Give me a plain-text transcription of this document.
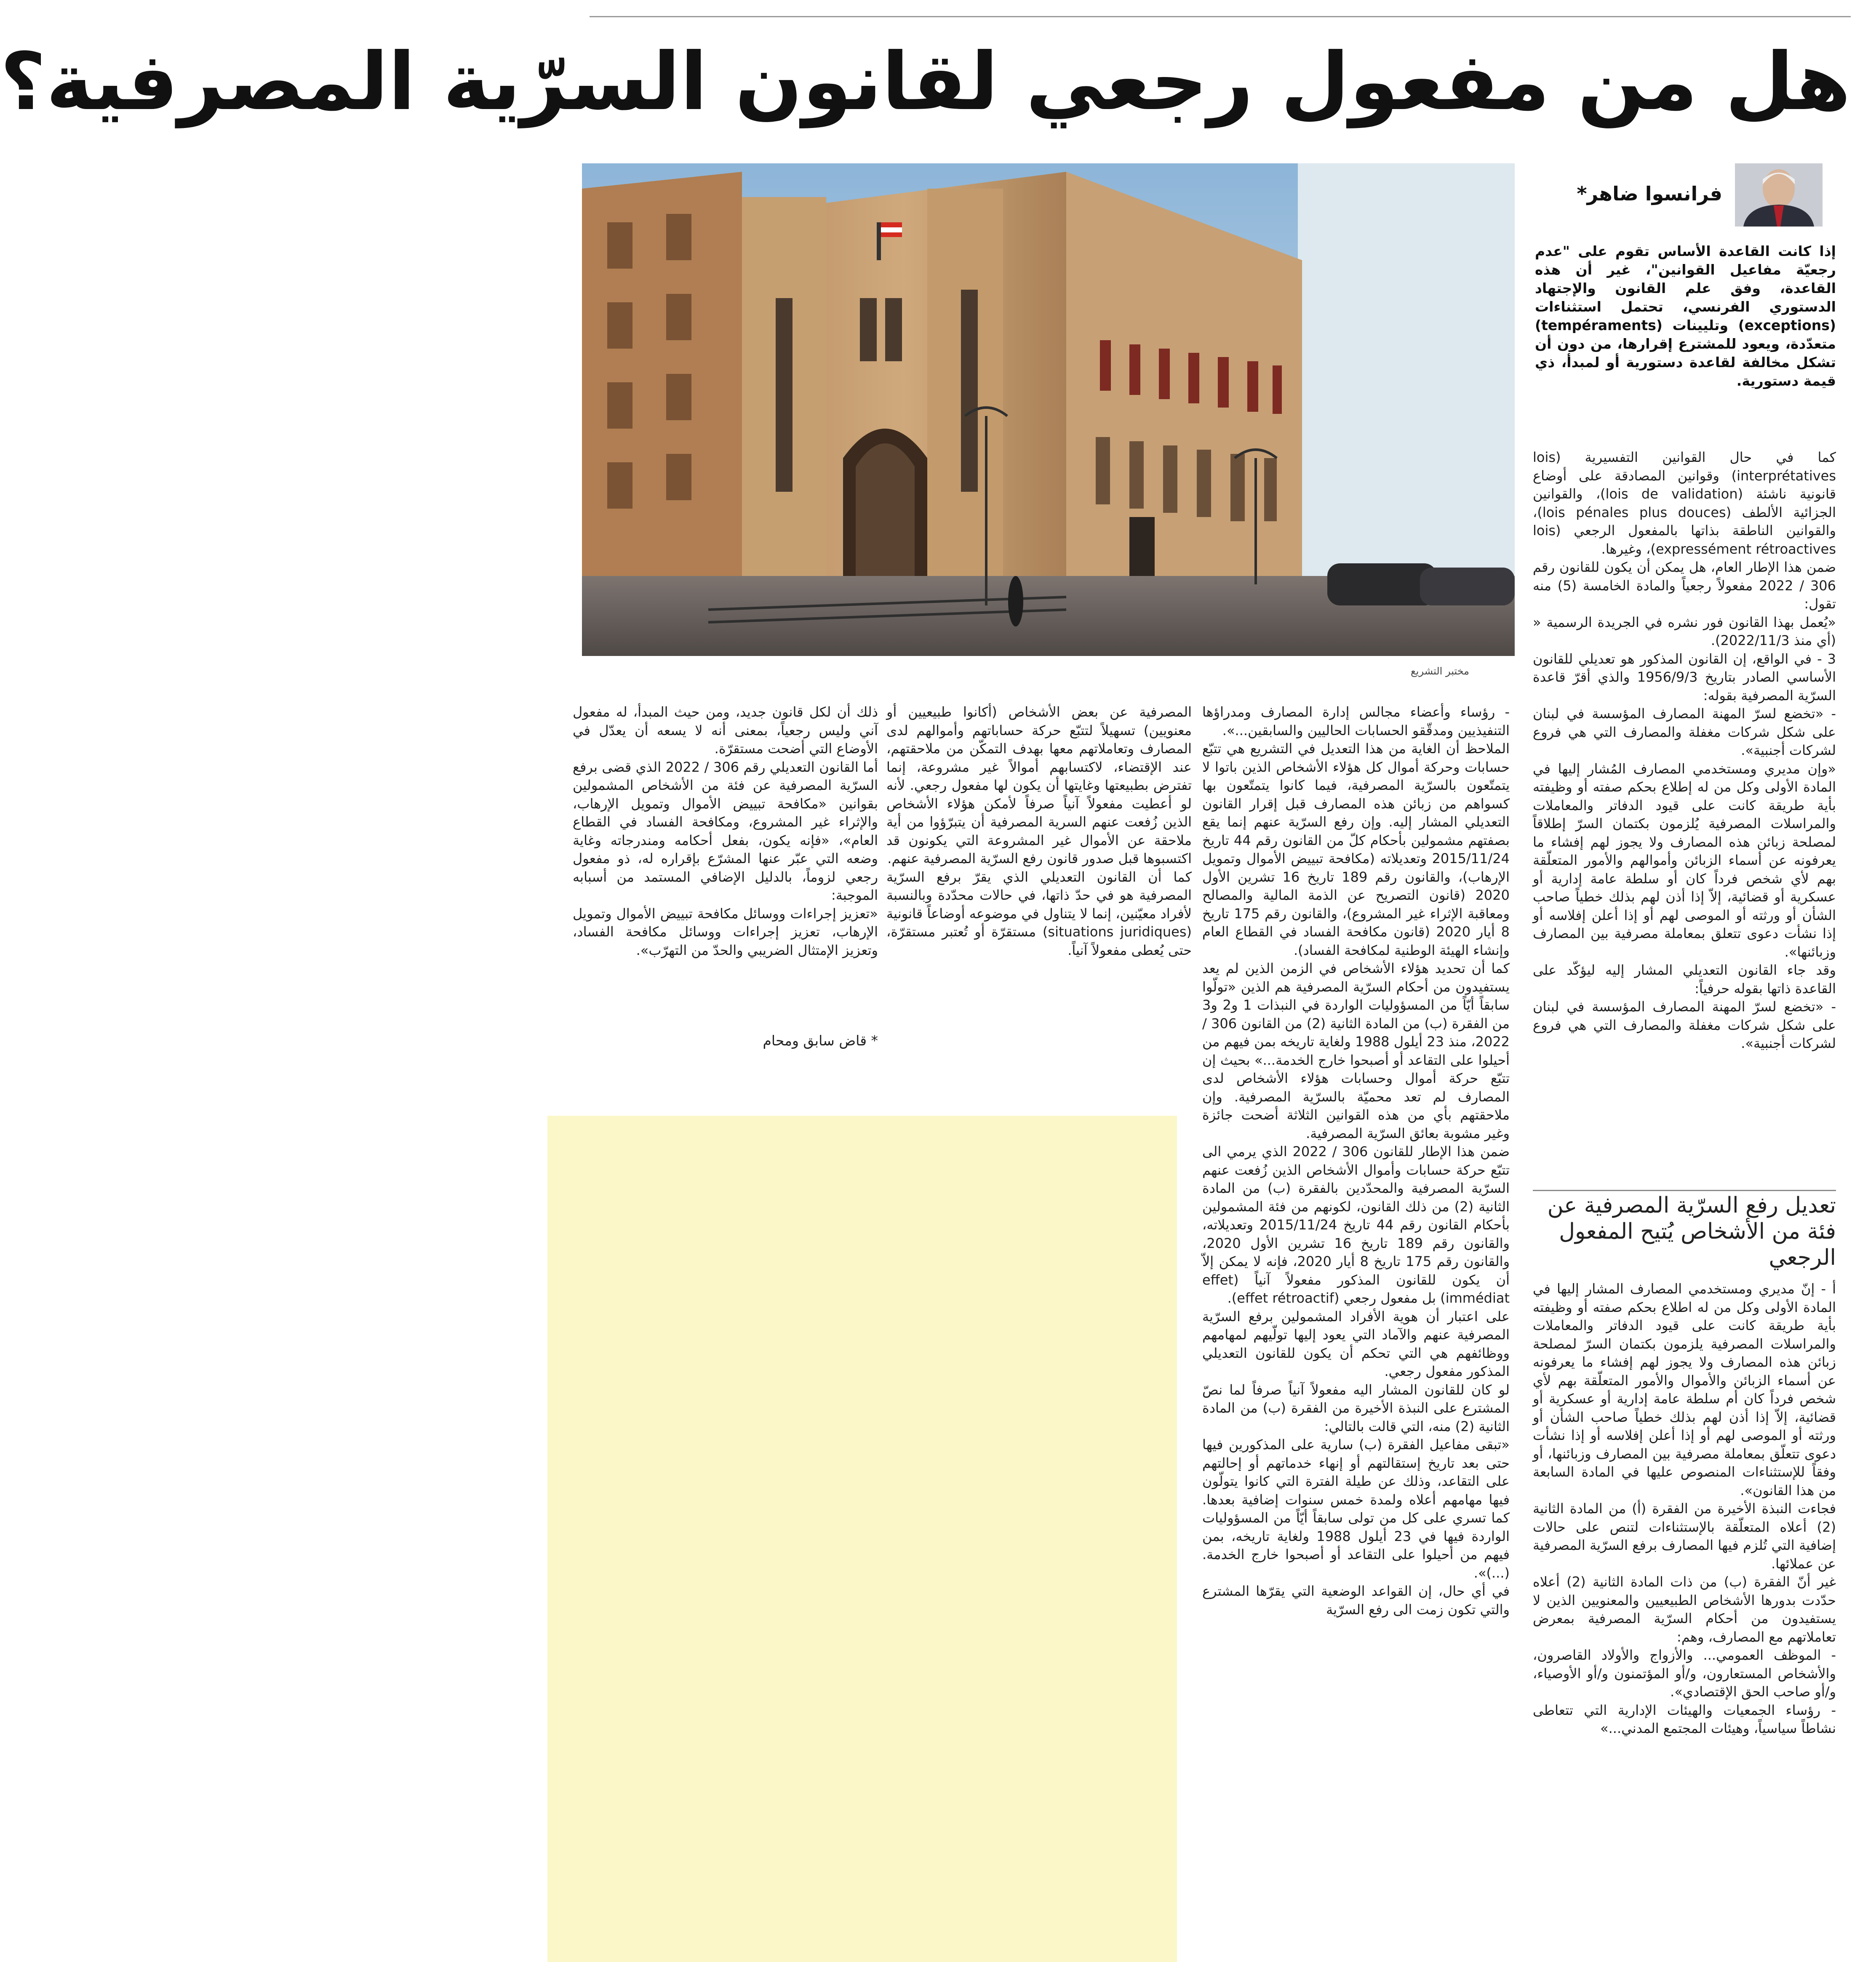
هل من مفعول رجعي لقانون السرّية المصرفية؟
مختبر التشريع
فرانسوا ضاهر*
إذا كانت القاعدة الأساس تقوم على "عدم رجعيّة مفاعيل القوانين"، غير أن هذه القاعدة، وفق علم القانون والإجتهاد الدستوري الفرنسي، تحتمل استثناءات (exceptions) وتليينات (tempéraments) متعدّدة، ويعود للمشترع إقرارها، من دون أن تشكل مخالفة لقاعدة دستورية أو لمبدأ، ذي قيمة دستورية.

كما في حال القوانين التفسيرية (lois interprétatives) وقوانين المصادقة على أوضاع قانونية ناشئة (lois de validation)، والقوانين الجزائية الألطف (lois pénales plus douces)، والقوانين الناطقة بذاتها بالمفعول الرجعي (lois expressément rétroactives)، وغيرها.

ضمن هذا الإطار العام، هل يمكن أن يكون للقانون رقم 306 / 2022 مفعولاً رجعياً والمادة الخامسة (5) منه تقول:

«يُعمل بهذا القانون فور نشره في الجريدة الرسمية « (أي منذ 2022/11/3).

3 - في الواقع، إن القانون المذكور هو تعديلي للقانون الأساسي الصادر بتاريخ 1956/9/3 والذي أقرّ قاعدة السرّية المصرفية بقوله:

- «تخضع لسرّ المهنة المصارف المؤسسة في لبنان على شكل شركات مغفلة والمصارف التي هي فروع لشركات أجنبية».

«وإن مديري ومستخدمي المصارف المُشار إليها في المادة الأولى وكل من له إطلاع بحكم صفته أو وظيفته بأية طريقة كانت على قيود الدفاتر والمعاملات والمراسلات المصرفية يُلزمون بكتمان السرّ إطلاقاً لمصلحة زبائن هذه المصارف ولا يجوز لهم إفشاء ما يعرفونه عن أسماء الزبائن وأموالهم والأمور المتعلّقة بهم لأي شخص فرداً كان أو سلطة عامة إدارية أو عسكرية أو قضائية، إلاّ إذا أذن لهم بذلك خطياً صاحب الشأن أو ورثته أو الموصى لهم أو إذا أعلن إفلاسه أو إذا نشأت دعوى تتعلق بمعاملة مصرفية بين المصارف وزبائنها».

وقد جاء القانون التعديلي المشار إليه ليؤكّد على القاعدة ذاتها بقوله حرفياً:

- «تخضع لسرّ المهنة المصارف المؤسسة في لبنان على شكل شركات مغفلة والمصارف التي هي فروع لشركات أجنبية».

تعديل رفع السرّية المصرفية عن فئة من الأشخاص يُتيح المفعول الرجعي

أ - إنّ مديري ومستخدمي المصارف المشار إليها في المادة الأولى وكل من له اطلاع بحكم صفته أو وظيفته بأية طريقة كانت على قيود الدفاتر والمعاملات والمراسلات المصرفية يلزمون بكتمان السرّ لمصلحة زبائن هذه المصارف ولا يجوز لهم إفشاء ما يعرفونه عن أسماء الزبائن والأموال والأمور المتعلّقة بهم لأي شخص فرداً كان أم سلطة عامة إدارية أو عسكرية أو قضائية، إلاّ إذا أذن لهم بذلك خطياً صاحب الشأن أو ورثته أو الموصى لهم أو إذا أعلن إفلاسه أو إذا نشأت دعوى تتعلّق بمعاملة مصرفية بين المصارف وزبائنها، أو وفقاً للإستثناءات المنصوص عليها في المادة السابعة من هذا القانون».

فجاءت النبذة الأخيرة من الفقرة (أ) من المادة الثانية (2) أعلاه المتعلّقة بالإستثناءات لتنص على حالات إضافية التي تُلزم فيها المصارف برفع السرّية المصرفية عن عملائها.

غير أنّ الفقرة (ب) من ذات المادة الثانية (2) أعلاه حدّدت بدورها الأشخاص الطبيعيين والمعنويين الذين لا يستفيدون من أحكام السرّية المصرفية بمعرض تعاملاتهم مع المصارف، وهم:

- الموظف العمومي... والأزواج والأولاد القاصرون، والأشخاص المستعارون، و/أو المؤتمنون و/أو الأوصياء، و/أو صاحب الحق الإقتصادي».

- رؤساء الجمعيات والهيئات الإدارية التي تتعاطى نشاطاً سياسياً، وهيئات المجتمع المدني...»

- رؤساء وأعضاء مجالس إدارة المصارف ومدراؤها التنفيذيين ومدقّقو الحسابات الحاليين والسابقين...».

الملاحظ أن الغاية من هذا التعديل في التشريع هي تتبّع حسابات وحركة أموال كل هؤلاء الأشخاص الذين باتوا لا يتمتّعون بالسرّية المصرفية، فيما كانوا يتمتّعون بها كسواهم من زبائن هذه المصارف قبل إقرار القانون التعديلي المشار إليه. وإن رفع السرّية عنهم إنما يقع بصفتهم مشمولين بأحكام كلّ من القانون رقم 44 تاريخ 2015/11/24 وتعديلاته (مكافحة تبييض الأموال وتمويل الإرهاب)، والقانون رقم 189 تاريخ 16 تشرين الأول 2020 (قانون التصريح عن الذمة المالية والمصالح ومعاقبة الإثراء غير المشروع)، والقانون رقم 175 تاريخ 8 أيار 2020 (قانون مكافحة الفساد في القطاع العام وإنشاء الهيئة الوطنية لمكافحة الفساد).

كما أن تحديد هؤلاء الأشخاص في الزمن الذين لم يعد يستفيدون من أحكام السرّية المصرفية هم الذين «تولّوا سابقاً أيّاً من المسؤوليات الواردة في النبذات 1 و2 و3 من الفقرة (ب) من المادة الثانية (2) من القانون 306 / 2022، منذ 23 أيلول 1988 ولغاية تاريخه بمن فيهم من أحيلوا على التقاعد أو أصبحوا خارج الخدمة...» بحيث إن تتبّع حركة أموال وحسابات هؤلاء الأشخاص لدى المصارف لم تعد محميّة بالسرّية المصرفية. وإن ملاحقتهم بأي من هذه القوانين الثلاثة أضحت جائزة وغير مشوبة بعائق السرّية المصرفية.

ضمن هذا الإطار للقانون 306 / 2022 الذي يرمي الى تتبّع حركة حسابات وأموال الأشخاص الذين زُفعت عنهم السرّية المصرفية والمحدّدين بالفقرة (ب) من المادة الثانية (2) من ذلك القانون، لكونهم من فئة المشمولين بأحكام القانون رقم 44 تاريخ 2015/11/24 وتعديلاته، والقانون رقم 189 تاريخ 16 تشرين الأول 2020، والقانون رقم 175 تاريخ 8 أيار 2020، فإنه لا يمكن إلاّ أن يكون للقانون المذكور مفعولاً آنياً (effet immédiat) بل مفعول رجعي (effet rétroactif).

على اعتبار أن هوية الأفراد المشمولين برفع السرّية المصرفية عنهم والآماد التي يعود إليها تولّيهم لمهامهم ووظائفهم هي التي تحكم أن يكون للقانون التعديلي المذكور مفعول رجعي.

لو كان للقانون المشار اليه مفعولاً آنياً صرفاً لما نصّ المشترع على النبذة الأخيرة من الفقرة (ب) من المادة الثانية (2) منه، التي قالت بالتالي:

«تبقى مفاعيل الفقرة (ب) سارية على المذكورين فيها حتى بعد تاريخ إستقالتهم أو إنهاء خدماتهم أو إحالتهم على التقاعد، وذلك عن طيلة الفترة التي كانوا يتولّون فيها مهامهم أعلاه ولمدة خمس سنوات إضافية بعدها. كما تسري على كل من تولى سابقاً أيّاً من المسؤوليات الواردة فيها في 23 أيلول 1988 ولغاية تاريخه، بمن فيهم من أحيلوا على التقاعد أو أصبحوا خارج الخدمة. (...)».

في أي حال، إن القواعد الوضعية التي يقرّها المشترع والتي تكون زمت الى رفع السرّية

المصرفية عن بعض الأشخاص (أكانوا طبيعيين أو معنويين) تسهيلاً لتتبّع حركة حساباتهم وأموالهم لدى المصارف وتعاملاتهم معها بهدف التمكّن من ملاحقتهم، عند الإقتضاء، لاكتسابهم أموالاً غير مشروعة، إنما تفترض بطبيعتها وغايتها أن يكون لها مفعول رجعي. لأنه لو أعطيت مفعولاً آنياً صرفاً لأمكن هؤلاء الأشخاص الذين زُفعت عنهم السرية المصرفية أن يتبرّؤوا من أية ملاحقة عن الأموال غير المشروعة التي يكونون قد اكتسبوها قبل صدور قانون رفع السرّية المصرفية عنهم.

كما أن القانون التعديلي الذي يقرّ برفع السرّية المصرفية هو في حدّ ذاتها، في حالات محدّدة وبالنسبة لأفراد معيّنين، إنما لا يتناول في موضوعه أوضاعاً قانونية (situations juridiques) مستقرّة أو تُعتبر مستقرّة، حتى يُعطى مفعولاً آنياً.

ذلك أن لكل قانون جديد، ومن حيث المبدأ، له مفعول آني وليس رجعياً، بمعنى أنه لا يسعه أن يعدّل في الأوضاع التي أضحت مستقرّة.

أما القانون التعديلي رقم 306 / 2022 الذي قضى برفع السرّية المصرفية عن فئة من الأشخاص المشمولين بقوانين «مكافحة تبييض الأموال وتمويل الإرهاب، والإثراء غير المشروع، ومكافحة الفساد في القطاع العام»، «فإنه يكون، بفعل أحكامه ومندرجاته وغاية وضعه التي عبّر عنها المشرّع بإقراره له، ذو مفعول رجعي لزوماً، بالدليل الإضافي المستمد من أسبابه الموجبة:

«تعزيز إجراءات ووسائل مكافحة تبييض الأموال وتمويل الإرهاب، تعزيز إجراءات ووسائل مكافحة الفساد، وتعزيز الإمتثال الضريبي والحدّ من التهرّب».

* قاض سابق ومحام
